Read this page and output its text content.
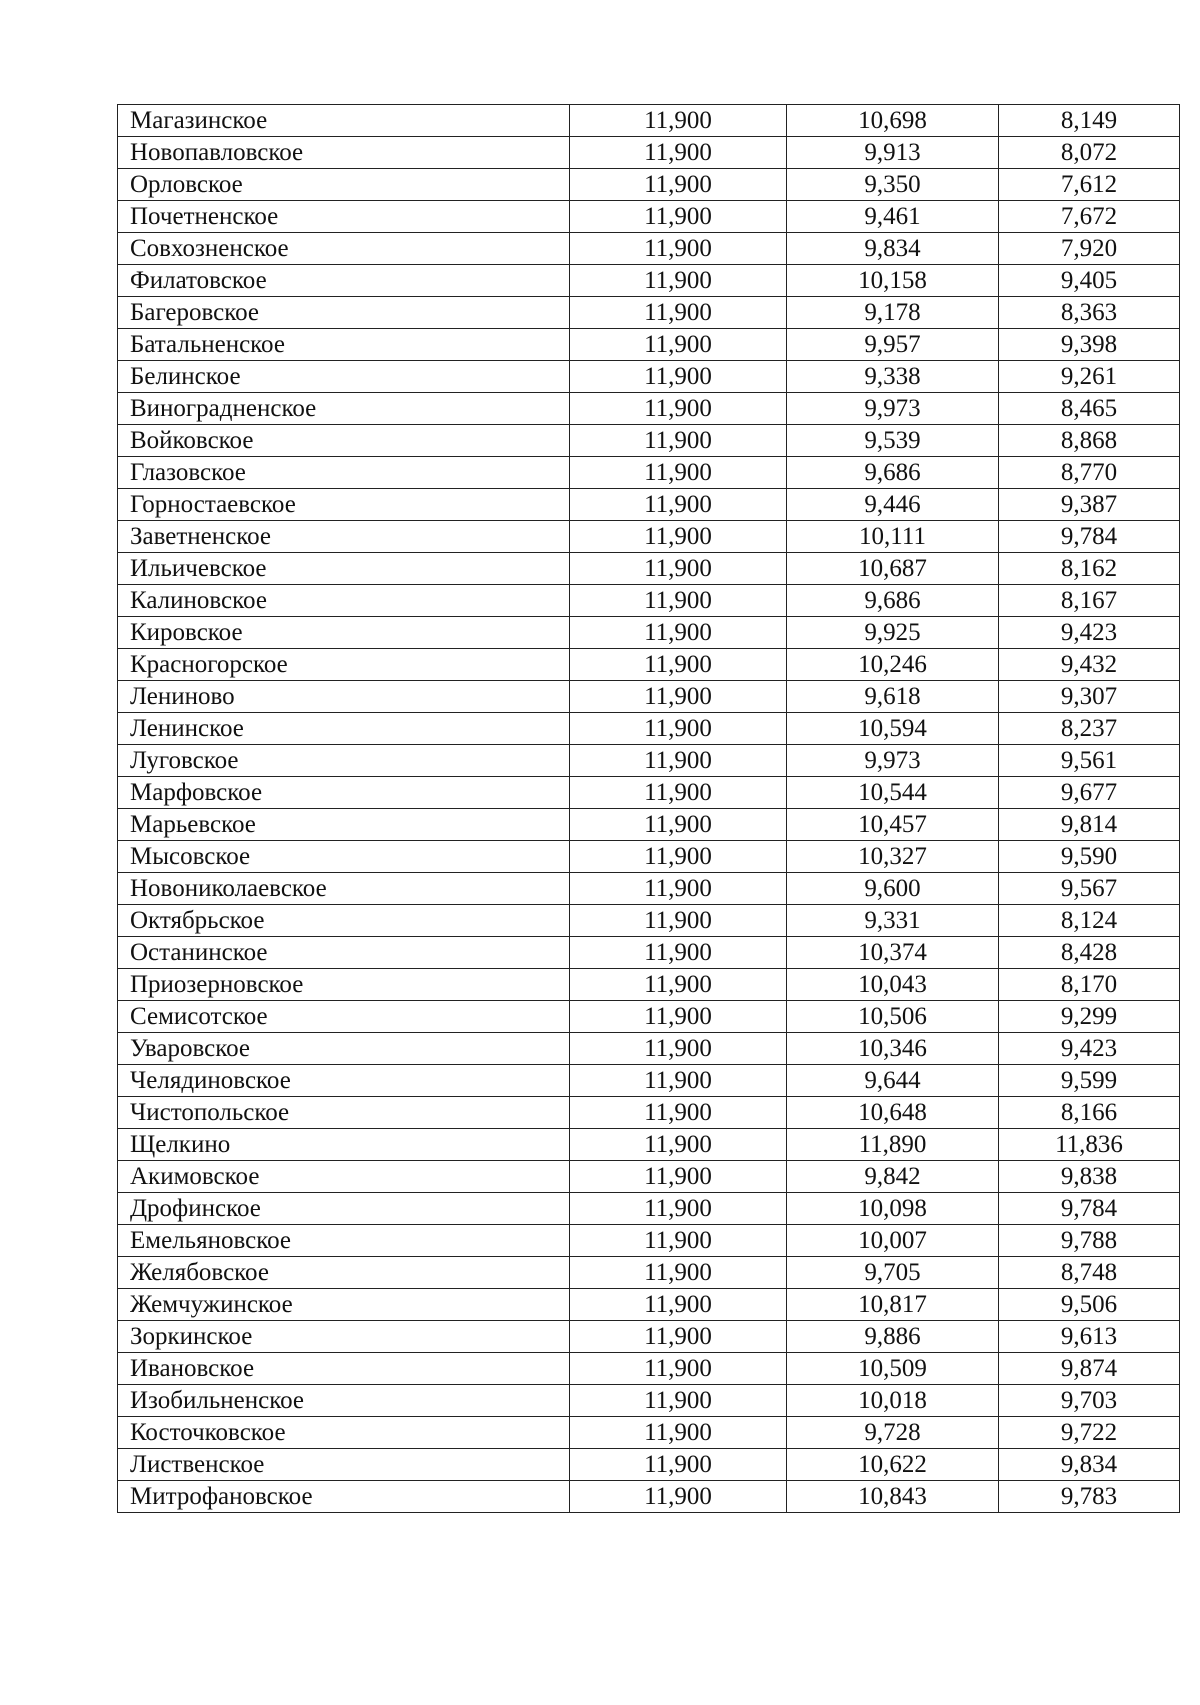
Магазинское	11,900	10,698	8,149
Новопавловское	11,900	9,913	8,072
Орловское	11,900	9,350	7,612
Почетненское	11,900	9,461	7,672
Совхозненское	11,900	9,834	7,920
Филатовское	11,900	10,158	9,405
Багеровское	11,900	9,178	8,363
Батальненское	11,900	9,957	9,398
Белинское	11,900	9,338	9,261
Виноградненское	11,900	9,973	8,465
Войковское	11,900	9,539	8,868
Глазовское	11,900	9,686	8,770
Горностаевское	11,900	9,446	9,387
Заветненское	11,900	10,111	9,784
Ильичевское	11,900	10,687	8,162
Калиновское	11,900	9,686	8,167
Кировское	11,900	9,925	9,423
Красногорское	11,900	10,246	9,432
Лениново	11,900	9,618	9,307
Ленинское	11,900	10,594	8,237
Луговское	11,900	9,973	9,561
Марфовское	11,900	10,544	9,677
Марьевское	11,900	10,457	9,814
Мысовское	11,900	10,327	9,590
Новониколаевское	11,900	9,600	9,567
Октябрьское	11,900	9,331	8,124
Останинское	11,900	10,374	8,428
Приозерновское	11,900	10,043	8,170
Семисотское	11,900	10,506	9,299
Уваровское	11,900	10,346	9,423
Челядиновское	11,900	9,644	9,599
Чистопольское	11,900	10,648	8,166
Щелкино	11,900	11,890	11,836
Акимовское	11,900	9,842	9,838
Дрофинское	11,900	10,098	9,784
Емельяновское	11,900	10,007	9,788
Желябовское	11,900	9,705	8,748
Жемчужинское	11,900	10,817	9,506
Зоркинское	11,900	9,886	9,613
Ивановское	11,900	10,509	9,874
Изобильненское	11,900	10,018	9,703
Косточковское	11,900	9,728	9,722
Лиственское	11,900	10,622	9,834
Митрофановское	11,900	10,843	9,783
